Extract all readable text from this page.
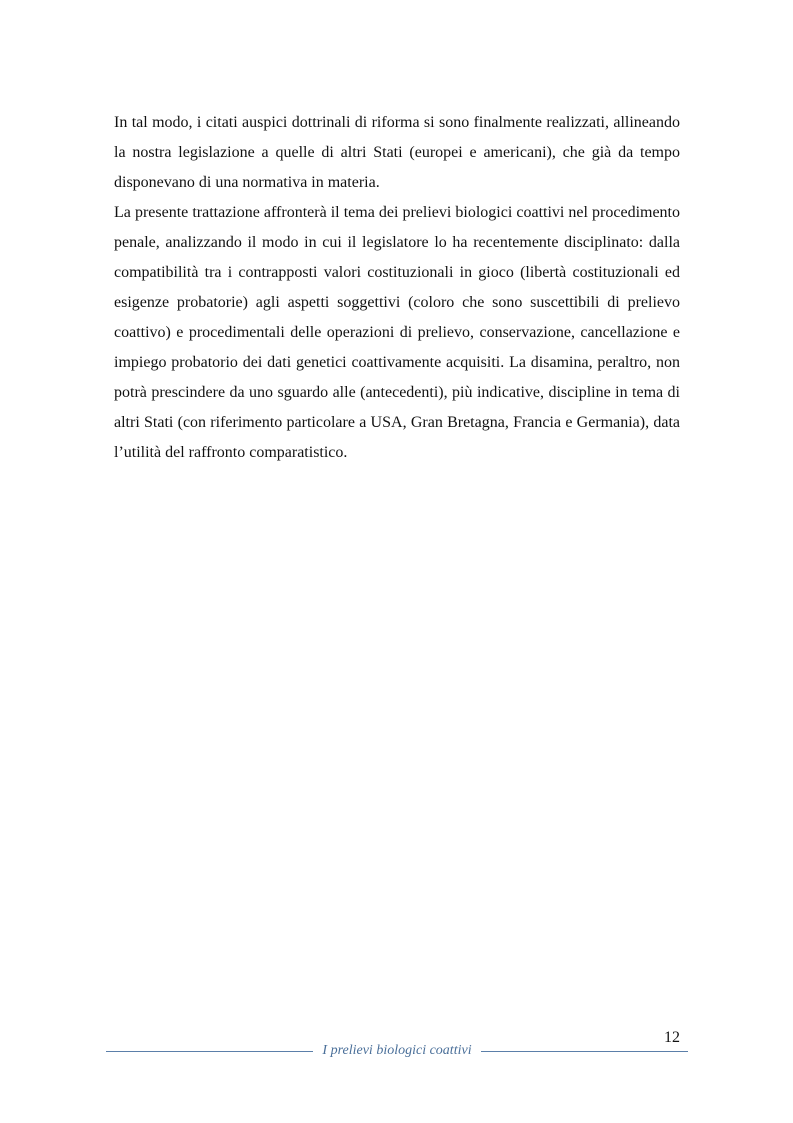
In tal modo, i citati auspici dottrinali di riforma si sono finalmente realizzati, allineando la nostra legislazione a quelle di altri Stati (europei e americani), che già da tempo disponevano di una normativa in materia.

La presente trattazione affronterà il tema dei prelievi biologici coattivi nel procedimento penale, analizzando il modo in cui il legislatore lo ha recentemente disciplinato: dalla compatibilità tra i contrapposti valori costituzionali in gioco (libertà costituzionali ed esigenze probatorie) agli aspetti soggettivi (coloro che sono suscettibili di prelievo coattivo) e procedimentali delle operazioni di prelievo, conservazione, cancellazione e impiego probatorio dei dati genetici coattivamente acquisiti. La disamina, peraltro, non potrà prescindere da uno sguardo alle (antecedenti), più indicative, discipline in tema di altri Stati (con riferimento particolare a USA, Gran Bretagna, Francia e Germania), data l’utilità del raffronto comparatistico.

12
I prelievi biologici coattivi
